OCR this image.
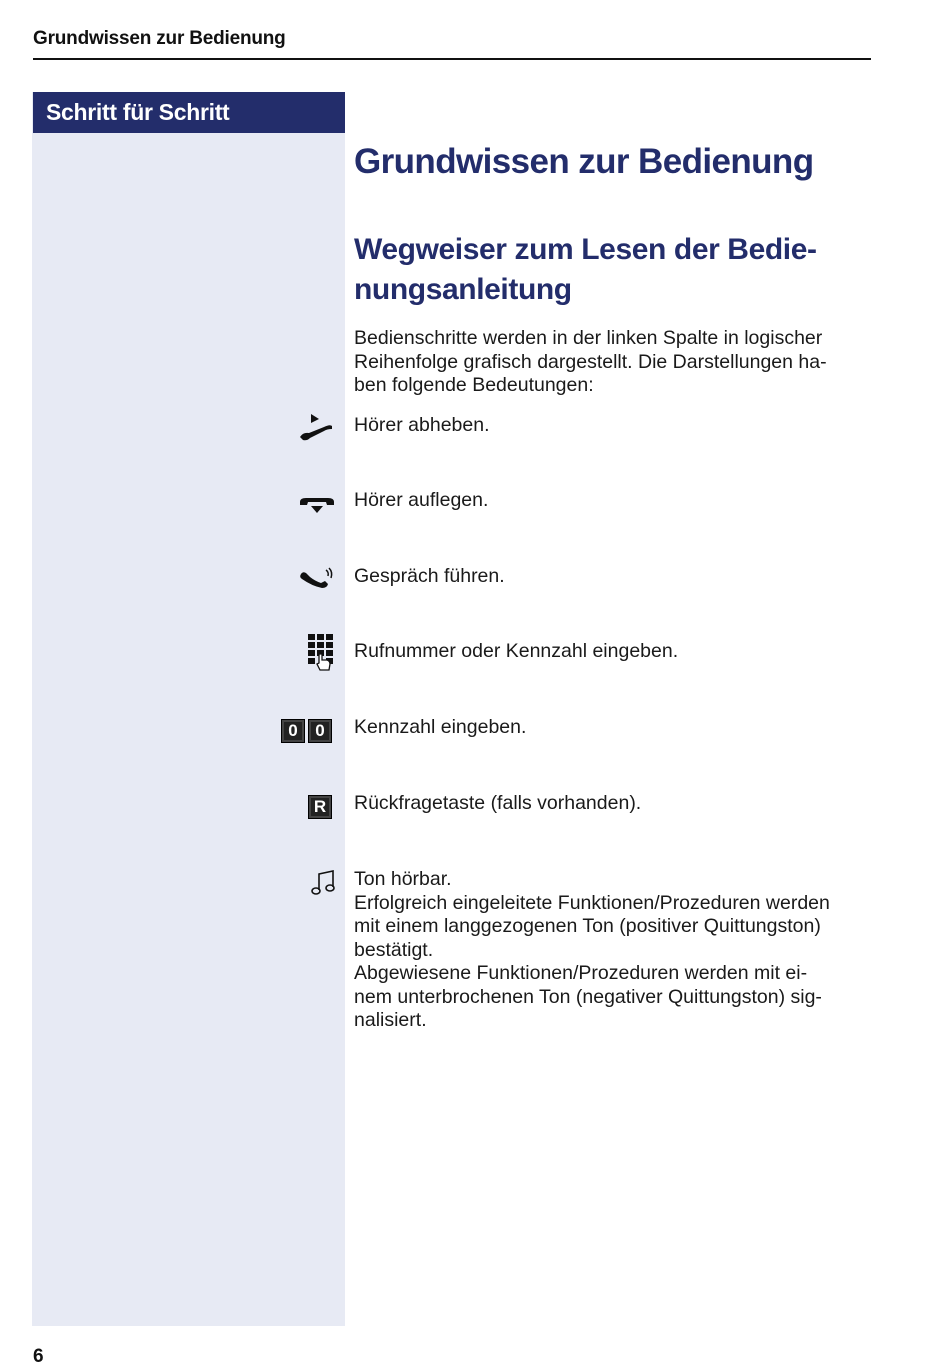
Grundwissen zur Bedienung
Schritt für Schritt
Grundwissen zur Bedienung
Wegweiser zum Lesen der Bedie-
nungsanleitung

Bedienschritte werden in der linken Spalte in logischer
Reihenfolge grafisch dargestellt. Die Darstellungen ha-
ben folgende Bedeutungen:

Hörer abheben.

Hörer auflegen.

Gespräch führen.

Rufnummer oder Kennzahl eingeben.

0	0	Kennzahl eingeben.

R	Rückfragetaste (falls vorhanden).

Ton hörbar.
Erfolgreich eingeleitete Funktionen/Prozeduren werden
mit einem langgezogenen Ton (positiver Quittungston)
bestätigt.
Abgewiesene Funktionen/Prozeduren werden mit ei-
nem unterbrochenen Ton (negativer Quittungston) sig-
nalisiert.

6
